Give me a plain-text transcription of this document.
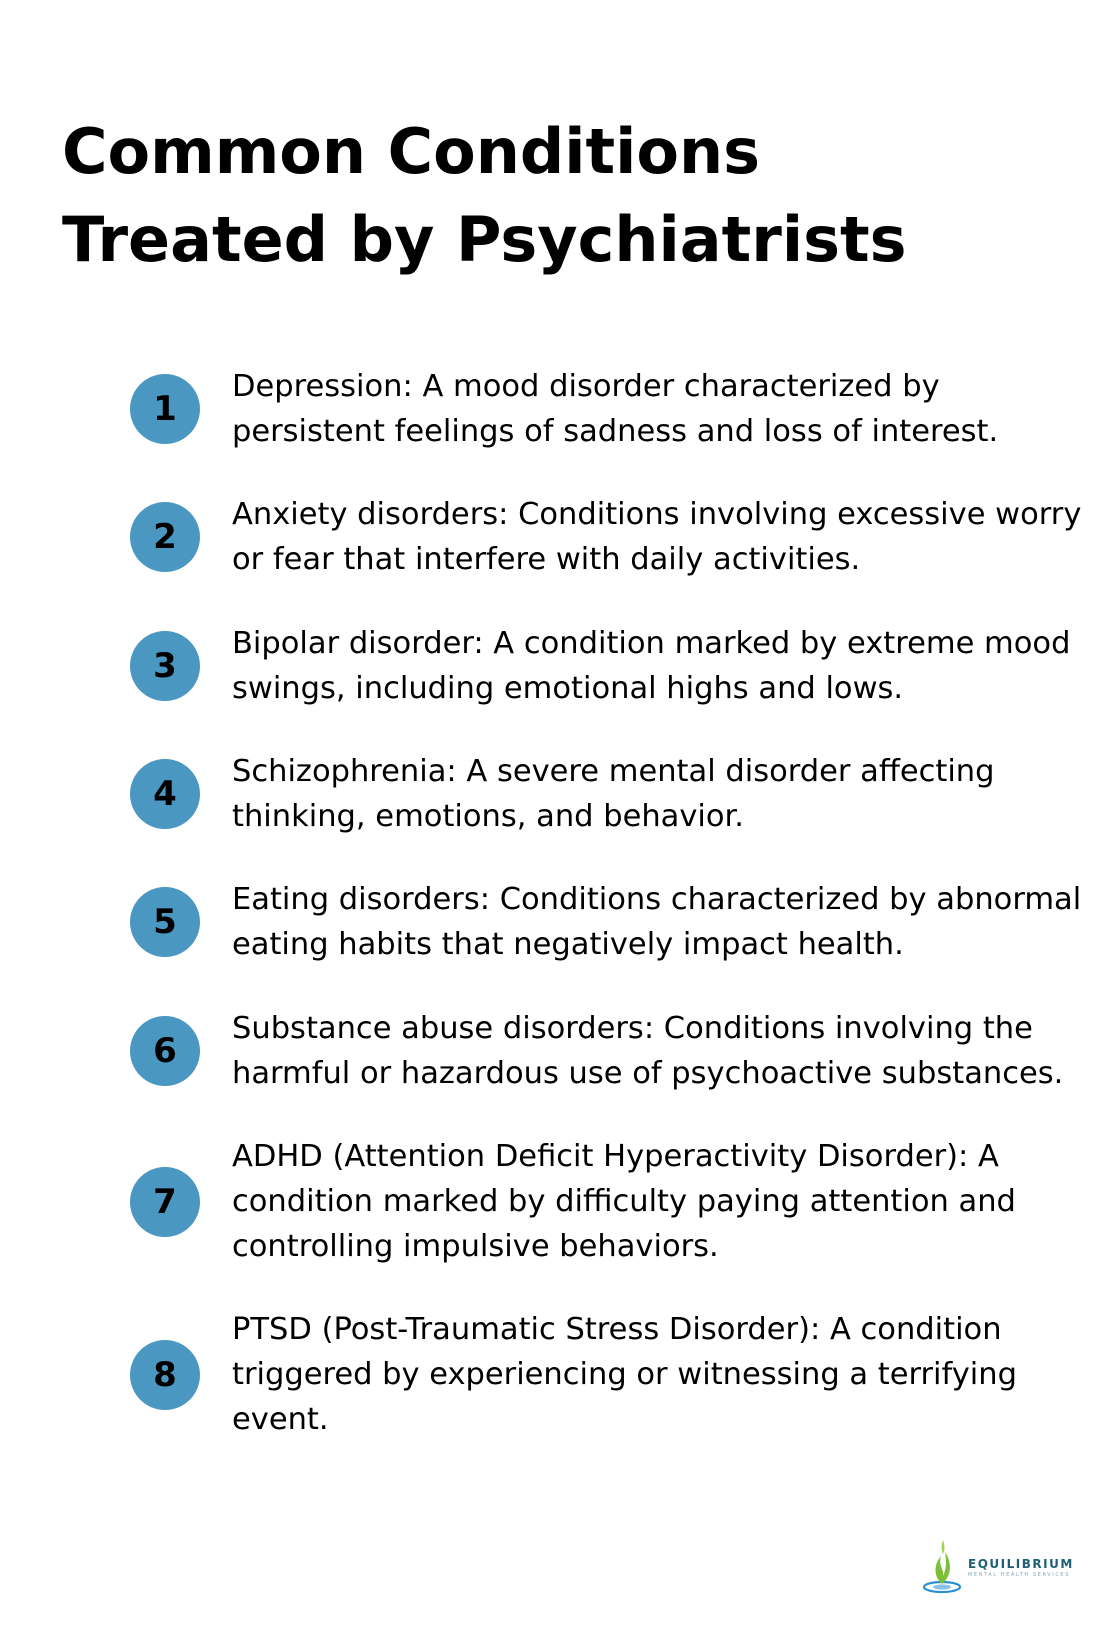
Common Conditions Treated by Psychiatrists
1
Depression: A mood disorder characterized by persistent feelings of sadness and loss of interest.
2
Anxiety disorders: Conditions involving excessive worry or fear that interfere with daily activities.
3
Bipolar disorder: A condition marked by extreme mood swings, including emotional highs and lows.
4
Schizophrenia: A severe mental disorder affecting thinking, emotions, and behavior.
5
Eating disorders: Conditions characterized by abnormal eating habits that negatively impact health.
6
Substance abuse disorders: Conditions involving the harmful or hazardous use of psychoactive substances.
7
ADHD (Attention Deficit Hyperactivity Disorder): A condition marked by difficulty paying attention and controlling impulsive behaviors.
8
PTSD (Post-Traumatic Stress Disorder): A condition triggered by experiencing or witnessing a terrifying event.
EQUILIBRIUM
MENTAL HEALTH SERVICES
